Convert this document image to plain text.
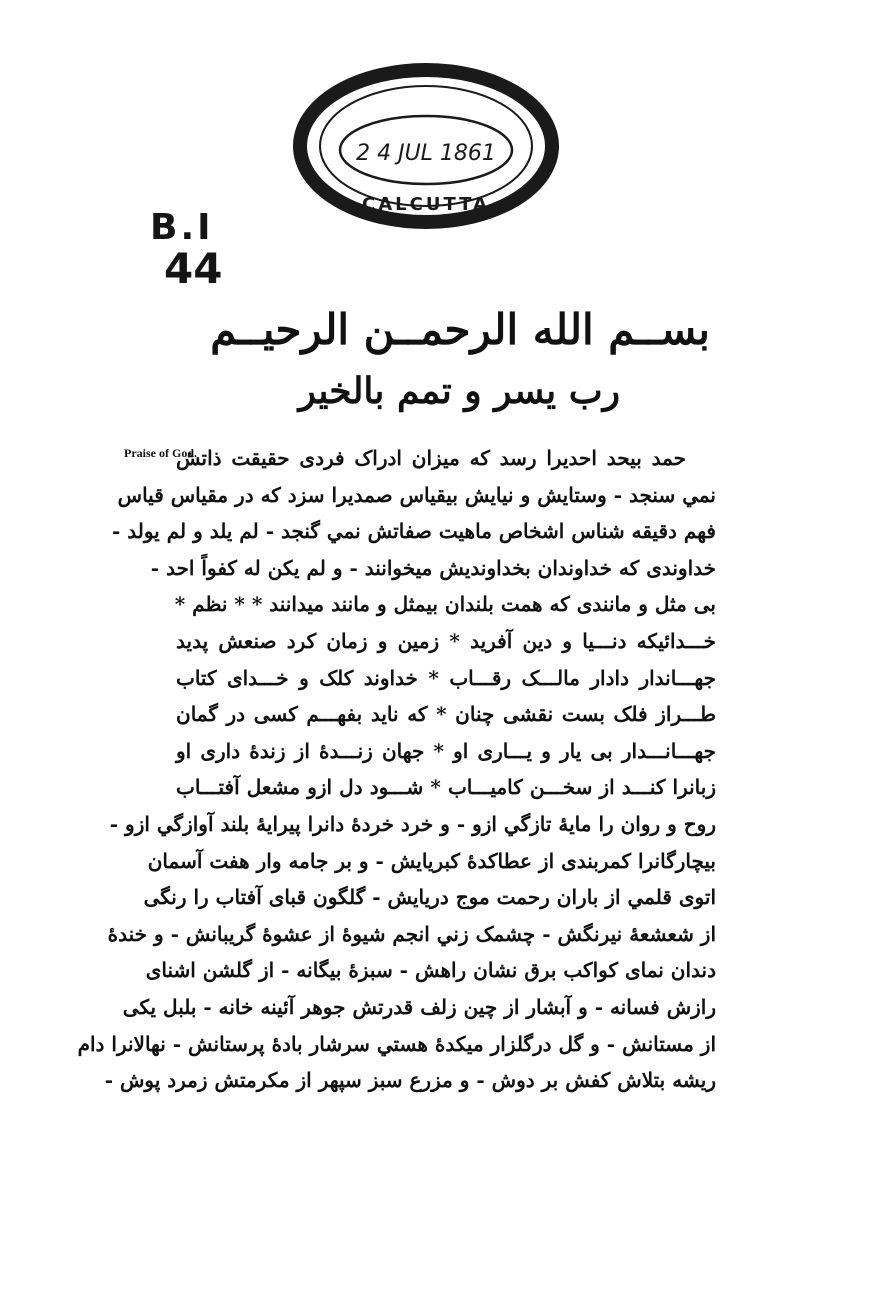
2 4 JUL 1861
CALCUTTA
B.I
44
بســم الله الرحمــن الرحيــم
رب یسر و تمم بالخیر
Praise of God.
حمد بیحد احدیرا رسد که میزان ادراک فردی حقیقت ذاتش
نمي سنجد - وستایش و نیایش بیقیاس صمدیرا سزد که در مقیاس قیاس
فهم دقیقه شناس اشخاص ماهیت صفاتش نمي گنجد - لم یلد و لم یولد -
خداوندی که خداوندان بخداوندیش میخوانند - و لم یکن له کفواً احد -
بی مثل و مانندی که همت بلندان بیمثل و مانند میدانند * * نظم *
خـــدائیکه دنـــیا و دین آفرید * زمین و زمان کرد صنعش پدید
جهـــاندار دادار مالـــک رقـــاب * خداوند کلک و خـــدای کتاب
طـــراز فلک بست نقشی چنان * که ناید بفهـــم کسی در گمان
جهـــانـــدار بی یار و یـــاری او * جهان زنـــدهٔ از زندهٔ داری او
زبانرا کنـــد از سخـــن کامیـــاب * شـــود دل ازو مشعل آفتـــاب
روح و روان را مایهٔ تازگي ازو - و خرد خردهٔ دانرا پیرایهٔ بلند آوازگي ازو -
بیچارگانرا کمربندی از عطاکدهٔ کبریایش - و بر جامه وار هفت آسمان
اتوی قلمي از باران رحمت موج دریایش - گلگون قبای آفتاب را رنگی
از شعشعهٔ نیرنگش - چشمک زني انجم شیوهٔ از عشوهٔ گریبانش - و خندهٔ
دندان نمای کواکب برق نشان راهش - سبزهٔ بیگانه - از گلشن اشنای
رازش فسانه - و آبشار از چین زلف قدرتش جوهر آئینه خانه - بلبل یکی
از مستانش - و گل درگلزار میکدهٔ هستي سرشار بادهٔ پرستانش - نهالانرا دام
ریشه بتلاش کفش بر دوش - و مزرع سبز سپهر از مکرمتش زمرد پوش -
